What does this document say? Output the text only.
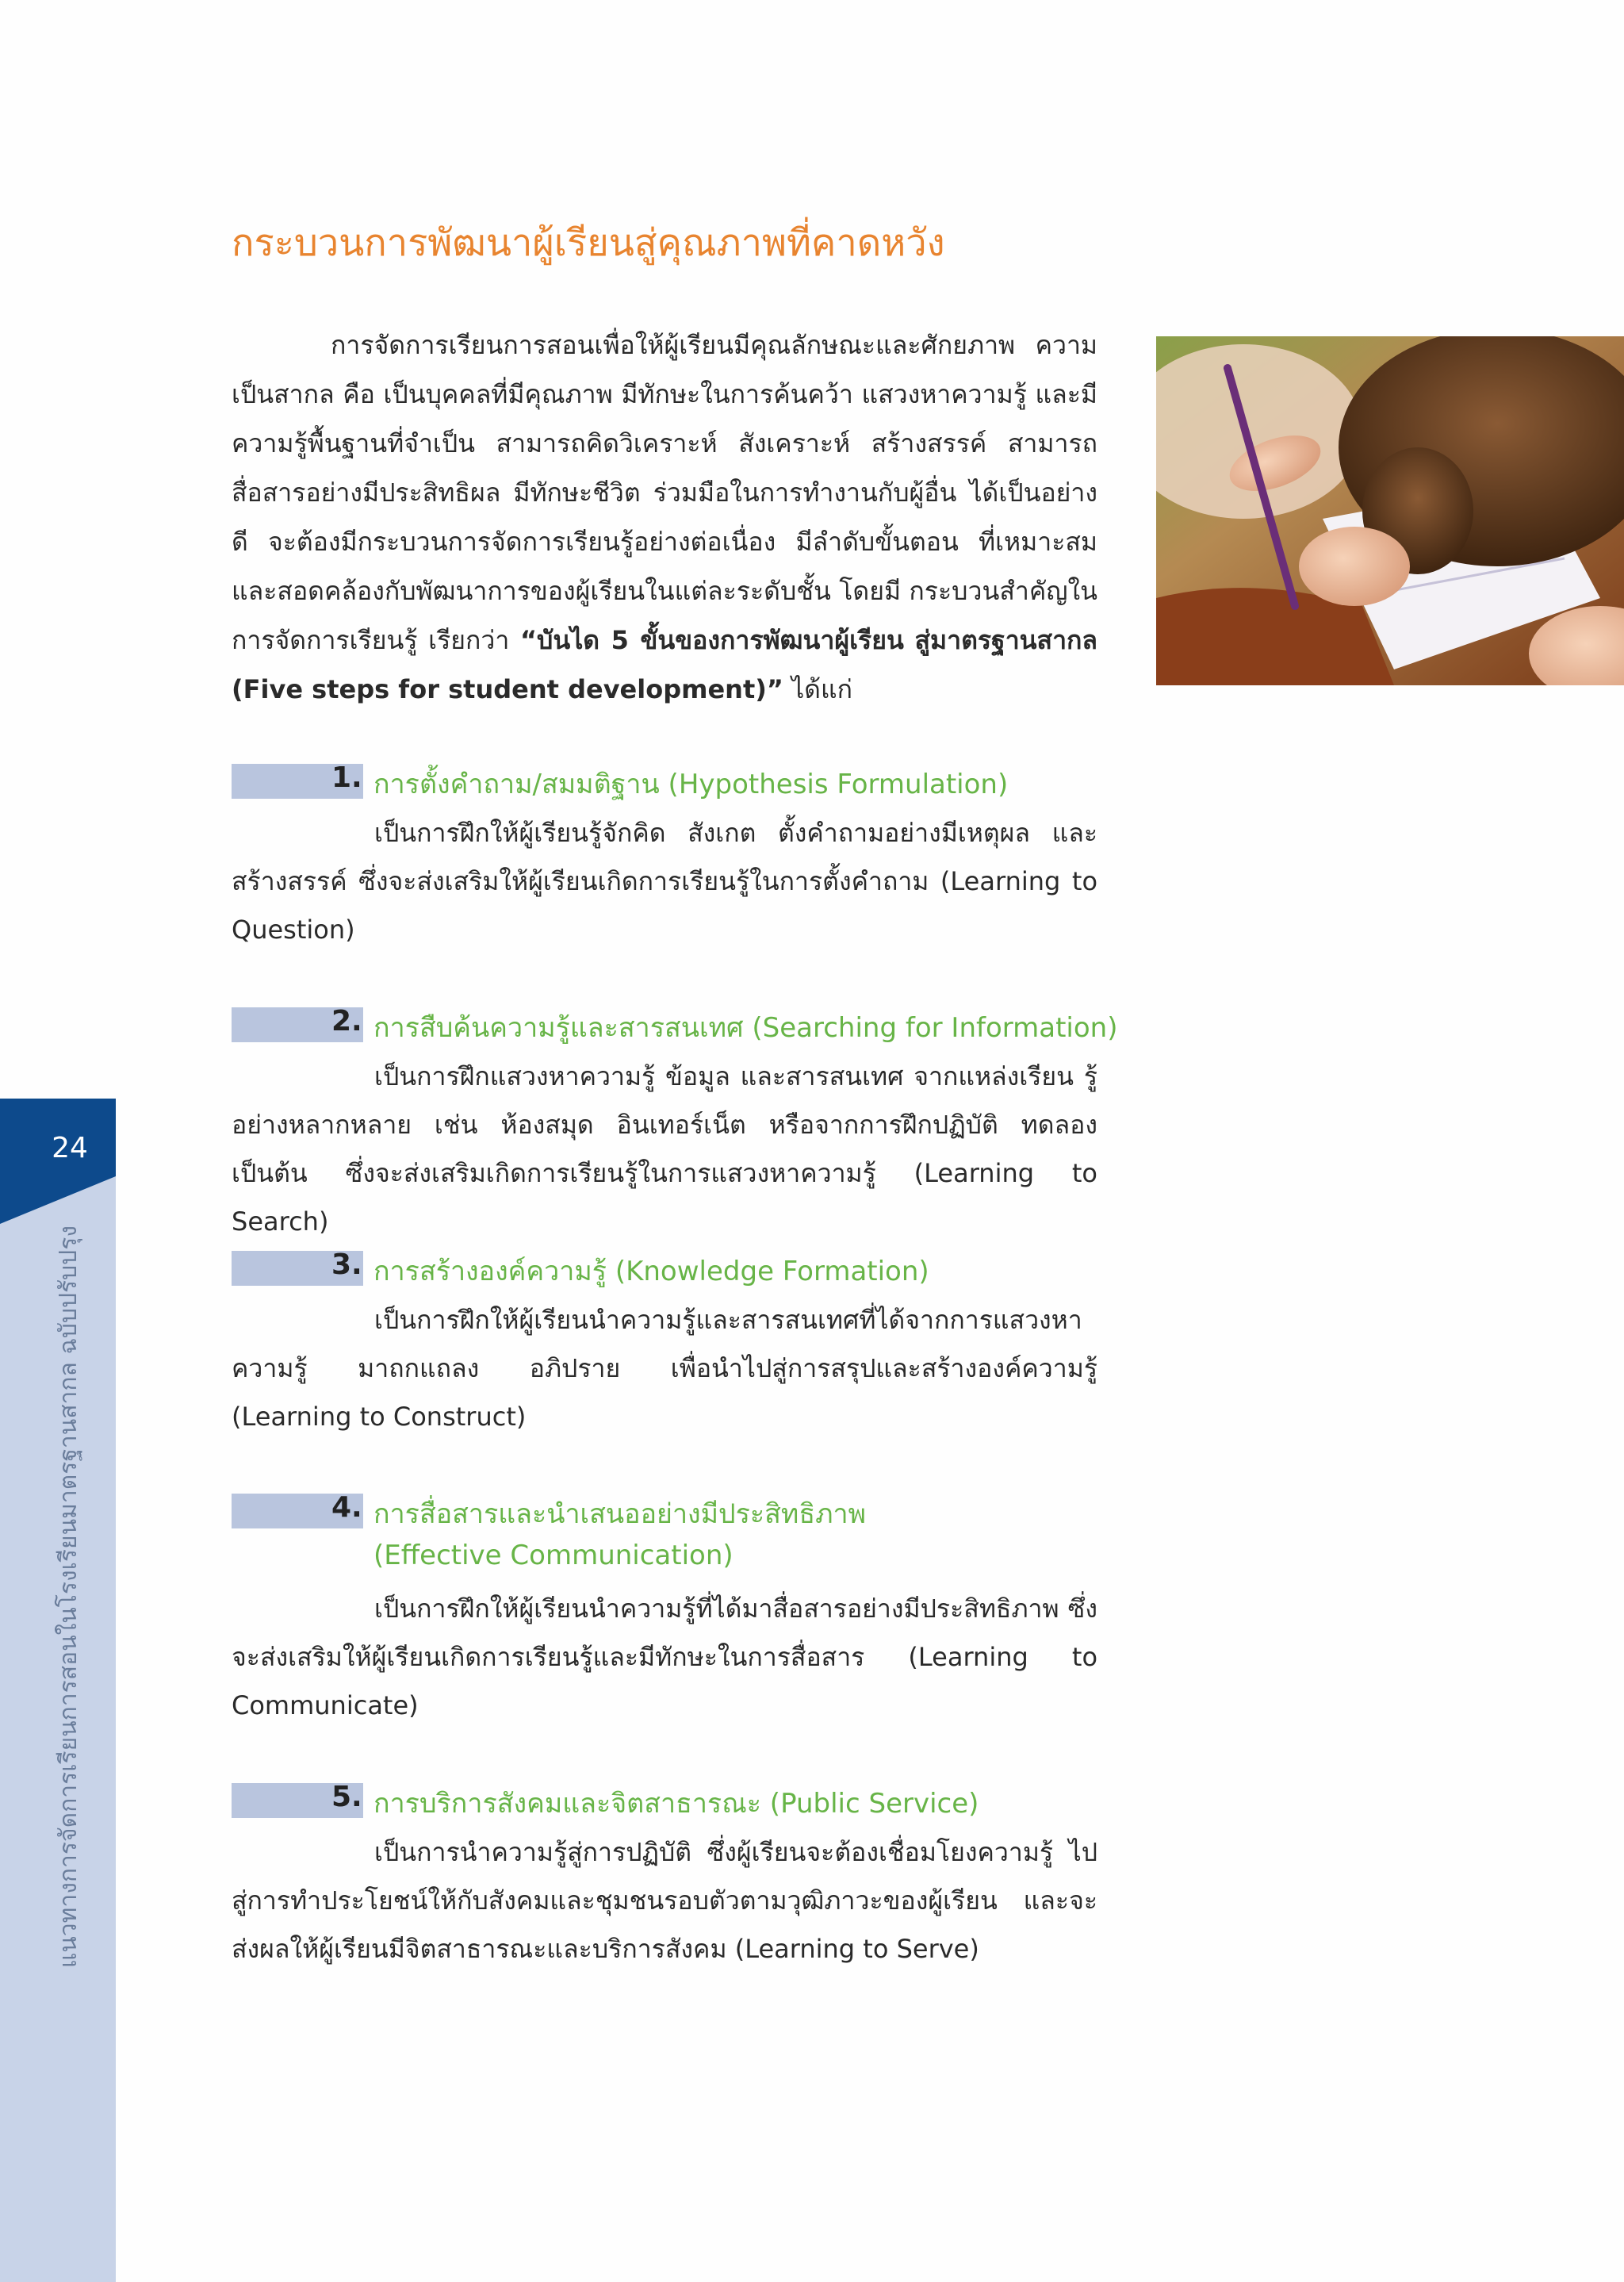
24
แนวทางการจัดการเรียนการสอนในโรงเรียนมาตรฐานสากล ฉบับปรับปรุง
กระบวนการพัฒนาผู้เรียนสู่คุณภาพที่คาดหวัง
การจัดการเรียนการสอนเพื่อให้ผู้เรียนมีคุณลักษณะและศักยภาพ ความเป็นสากล คือ เป็นบุคคลที่มีคุณภาพ มีทักษะในการค้นคว้า แสวงหาความรู้ และมีความรู้พื้นฐานที่จำเป็น สามารถคิดวิเคราะห์ สังเคราะห์ สร้างสรรค์ สามารถสื่อสารอย่างมีประสิทธิผล มีทักษะชีวิต ร่วมมือในการทำงานกับผู้อื่น ได้เป็นอย่างดี จะต้องมีกระบวนการจัดการเรียนรู้อย่างต่อเนื่อง มีลำดับขั้นตอน ที่เหมาะสม และสอดคล้องกับพัฒนาการของผู้เรียนในแต่ละระดับชั้น โดยมี กระบวนสำคัญในการจัดการเรียนรู้ เรียกว่า “บันได 5 ขั้นของการพัฒนาผู้เรียน สู่มาตรฐานสากล (Five steps for student development)” ได้แก่
1. การตั้งคำถาม/สมมติฐาน (Hypothesis Formulation)
เป็นการฝึกให้ผู้เรียนรู้จักคิด สังเกต ตั้งคำถามอย่างมีเหตุผล และสร้างสรรค์ ซึ่งจะส่งเสริมให้ผู้เรียนเกิดการเรียนรู้ในการตั้งคำถาม (Learning to Question)
2. การสืบค้นความรู้และสารสนเทศ (Searching for Information)
เป็นการฝึกแสวงหาความรู้ ข้อมูล และสารสนเทศ จากแหล่งเรียน รู้อย่างหลากหลาย เช่น ห้องสมุด อินเทอร์เน็ต หรือจากการฝึกปฏิบัติ ทดลอง เป็นต้น ซึ่งจะส่งเสริมเกิดการเรียนรู้ในการแสวงหาความรู้ (Learning to Search)
3. การสร้างองค์ความรู้ (Knowledge Formation)
เป็นการฝึกให้ผู้เรียนนำความรู้และสารสนเทศที่ได้จากการแสวงหา ความรู้ มาถกแถลง อภิปราย เพื่อนำไปสู่การสรุปและสร้างองค์ความรู้ (Learning to Construct)
4. การสื่อสารและนำเสนออย่างมีประสิทธิภาพ
(Effective Communication)
เป็นการฝึกให้ผู้เรียนนำความรู้ที่ได้มาสื่อสารอย่างมีประสิทธิภาพ ซึ่งจะส่งเสริมให้ผู้เรียนเกิดการเรียนรู้และมีทักษะในการสื่อสาร (Learning to Communicate)
5. การบริการสังคมและจิตสาธารณะ (Public Service)
เป็นการนำความรู้สู่การปฏิบัติ ซึ่งผู้เรียนจะต้องเชื่อมโยงความรู้ ไปสู่การทำประโยชน์ให้กับสังคมและชุมชนรอบตัวตามวุฒิภาวะของผู้เรียน และจะส่งผลให้ผู้เรียนมีจิตสาธารณะและบริการสังคม (Learning to Serve)
